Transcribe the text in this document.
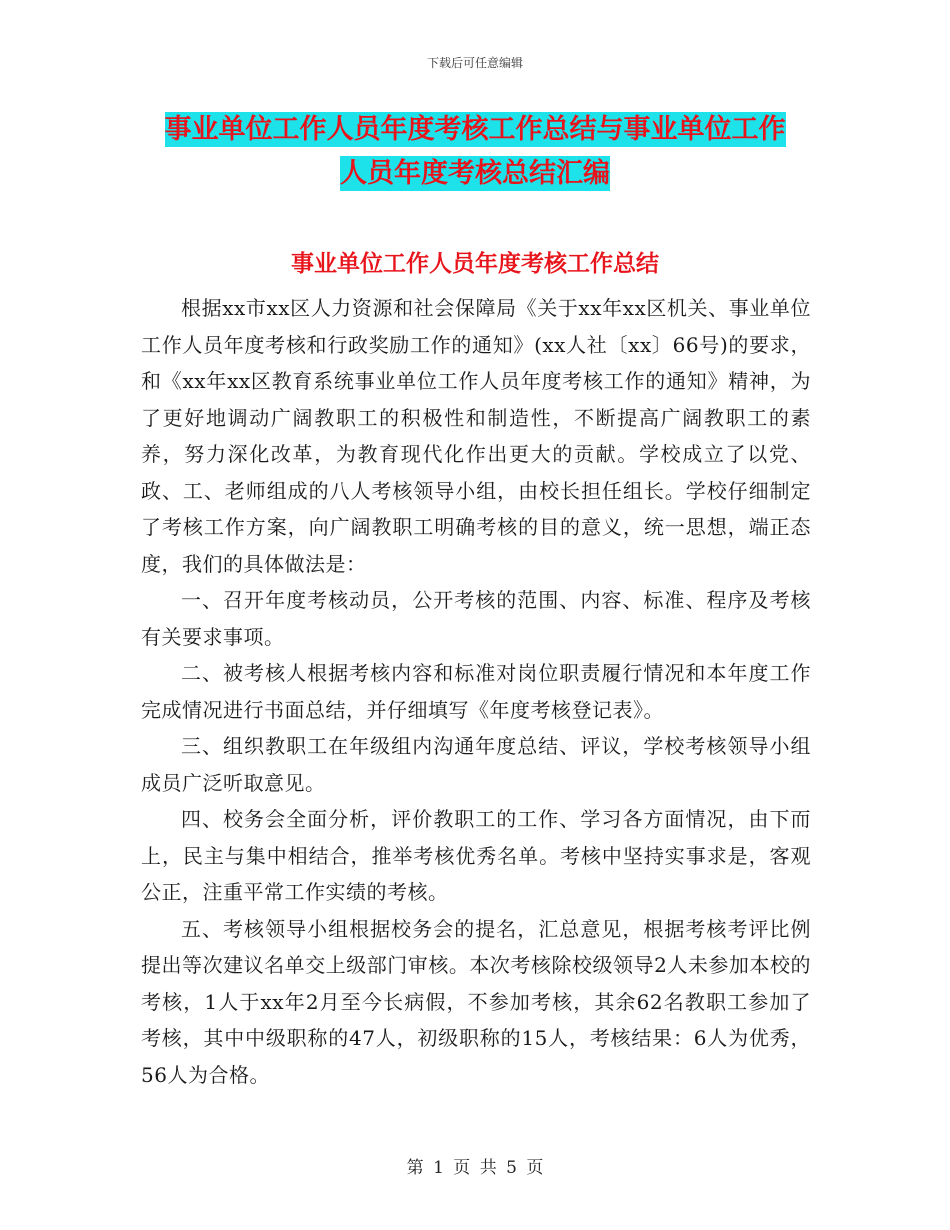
下载后可任意编辑
事业单位工作人员年度考核工作总结与事业单位工作
人员年度考核总结汇编
事业单位工作人员年度考核工作总结

根据xx市xx区人力资源和社会保障局《关于xx年xx区机关、事业单位工作人员年度考核和行政奖励工作的通知》(xx人社〔xx〕66号)的要求，和《xx年xx区教育系统事业单位工作人员年度考核工作的通知》精神，为了更好地调动广阔教职工的积极性和制造性，不断提高广阔教职工的素养，努力深化改革，为教育现代化作出更大的贡献。学校成立了以党、政、工、老师组成的八人考核领导小组，由校长担任组长。学校仔细制定了考核工作方案，向广阔教职工明确考核的目的意义，统一思想，端正态度，我们的具体做法是：

一、召开年度考核动员，公开考核的范围、内容、标准、程序及考核有关要求事项。

二、被考核人根据考核内容和标准对岗位职责履行情况和本年度工作完成情况进行书面总结，并仔细填写《年度考核登记表》。

三、组织教职工在年级组内沟通年度总结、评议，学校考核领导小组成员广泛听取意见。

四、校务会全面分析，评价教职工的工作、学习各方面情况，由下而上，民主与集中相结合，推举考核优秀名单。考核中坚持实事求是，客观公正，注重平常工作实绩的考核。

五、考核领导小组根据校务会的提名，汇总意见，根据考核考评比例提出等次建议名单交上级部门审核。本次考核除校级领导2人未参加本校的考核，1人于xx年2月至今长病假，不参加考核，其余62名教职工参加了考核，其中中级职称的47人，初级职称的15人，考核结果：6人为优秀，56人为合格。

第 1 页 共 5 页
